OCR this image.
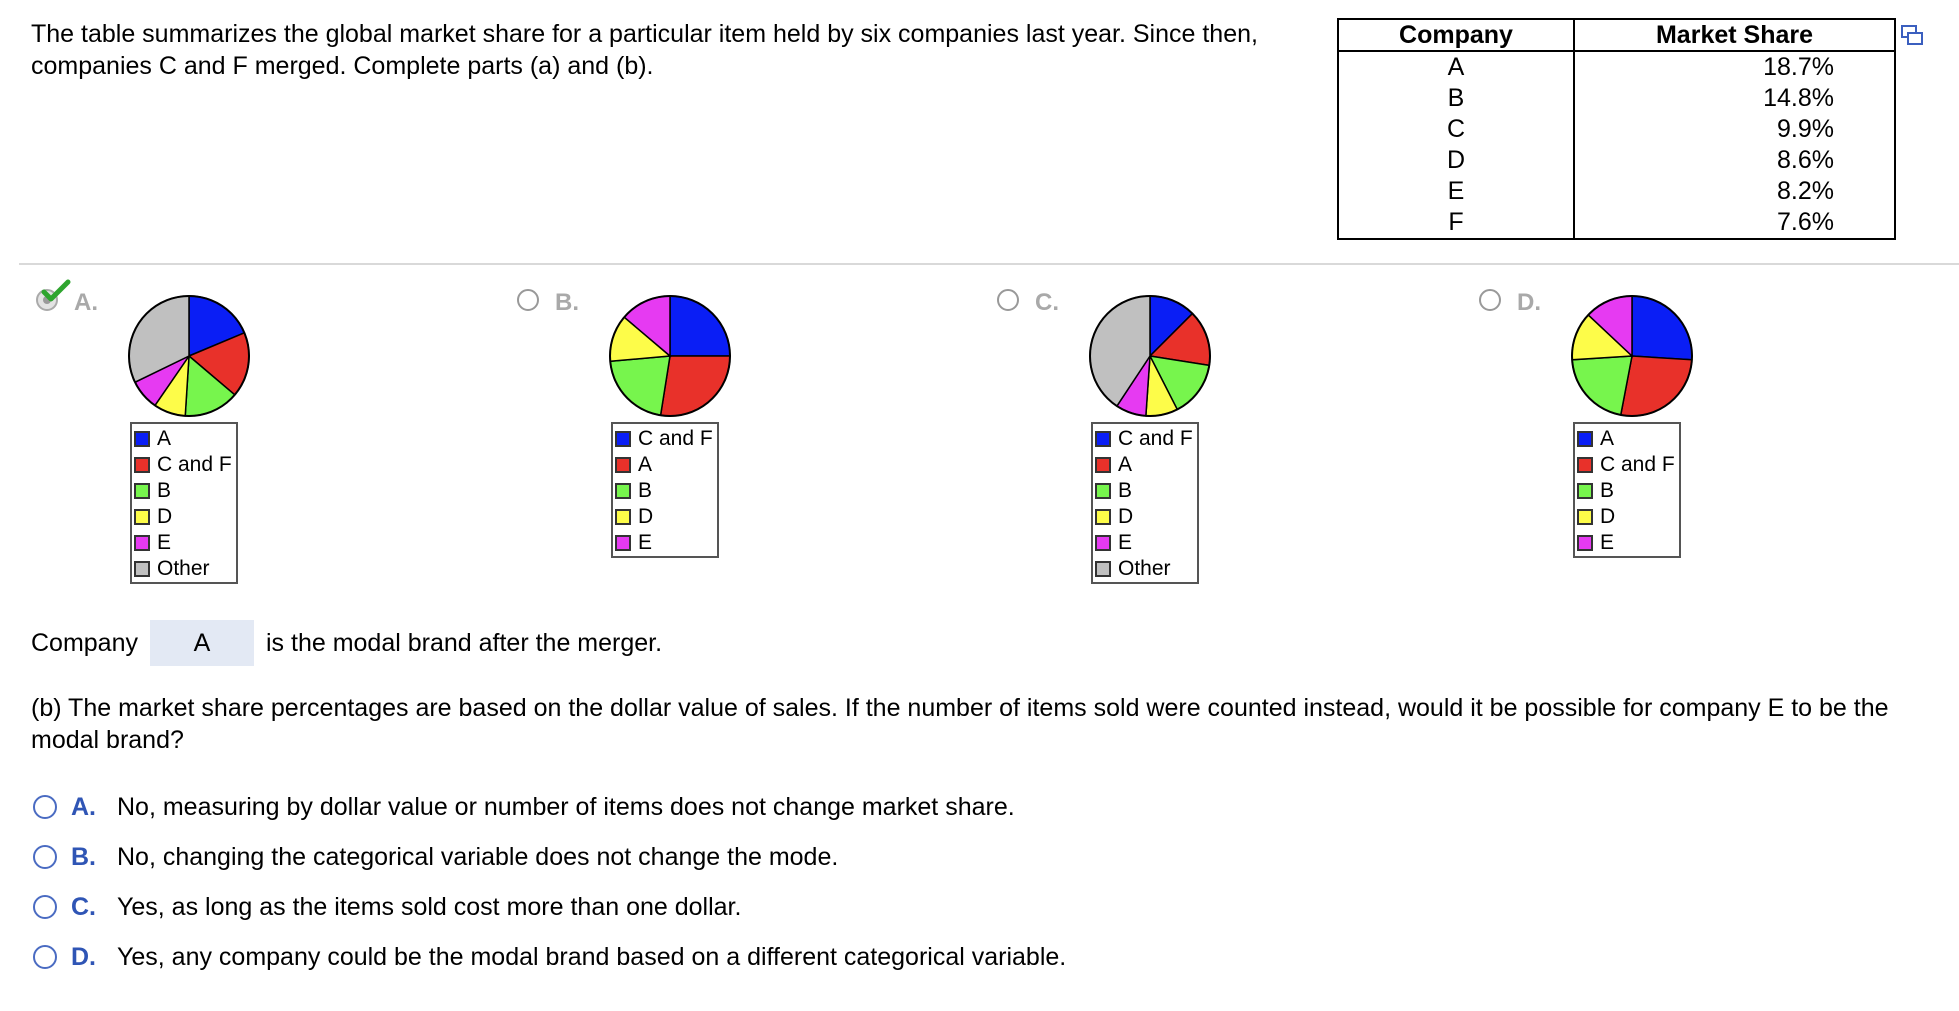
The table summarizes the global market share for a particular item held by six companies last year. Since then, companies C and F merged. Complete parts (a) and (b).
Company	Market Share
A	18.7%
B	14.8%
C	9.9%
D	8.6%
E	8.2%
F	7.6%
A.
A
C and F
B
D
E
Other
B.
C and F
A
B
D
E
C.
C and F
A
B
D
E
Other
D.
A
C and F
B
D
E
Company	A	is the modal brand after the merger.
(b) The market share percentages are based on the dollar value of sales. If the number of items sold were counted instead, would it be possible for company E to be the modal brand?
A. No, measuring by dollar value or number of items does not change market share.
B. No, changing the categorical variable does not change the mode.
C. Yes, as long as the items sold cost more than one dollar.
D. Yes, any company could be the modal brand based on a different categorical variable.
